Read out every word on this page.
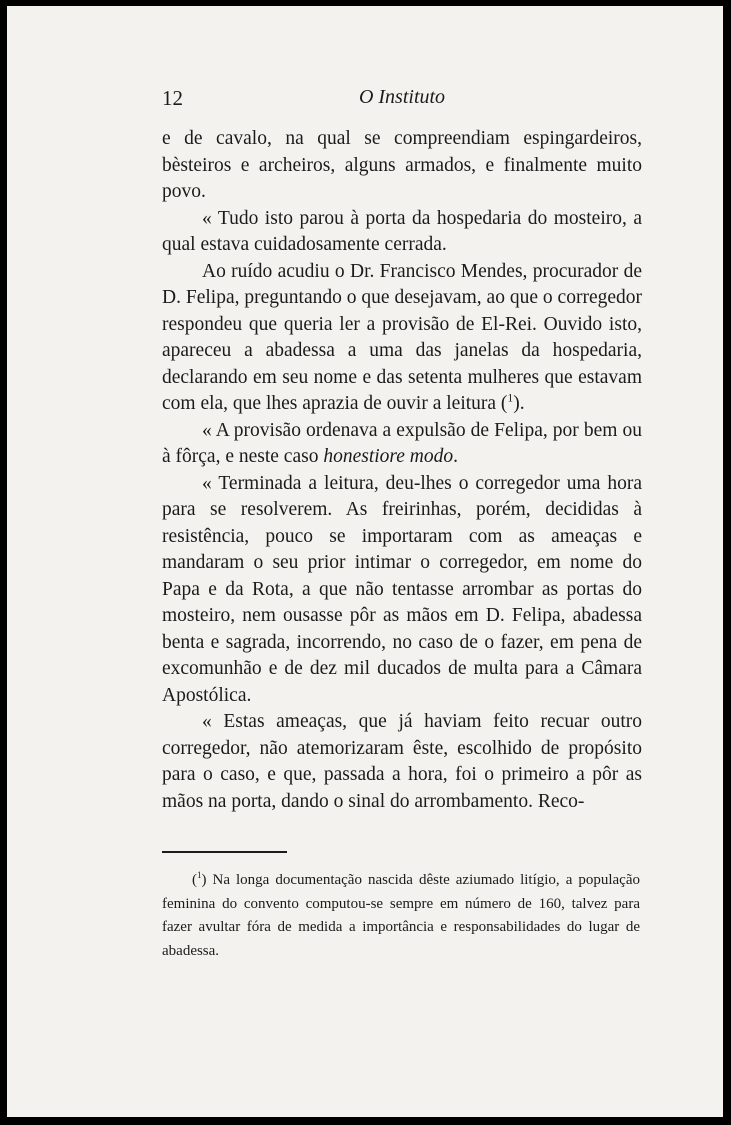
12	O Instituto

e de cavalo, na qual se compreendiam espingardeiros, bèsteiros e archeiros, alguns armados, e finalmente muito povo.

« Tudo isto parou à porta da hospedaria do mosteiro, a qual estava cuidadosamente cerrada.

Ao ruído acudiu o Dr. Francisco Mendes, procurador de D. Felipa, preguntando o que desejavam, ao que o corregedor respondeu que queria ler a provisão de El-Rei. Ouvido isto, apareceu a abadessa a uma das janelas da hospedaria, declarando em seu nome e das setenta mulheres que estavam com ela, que lhes aprazia de ouvir a leitura ($^1$).

« A provisão ordenava a expulsão de Felipa, por bem ou à fôrça, e neste caso honestiore modo.

« Terminada a leitura, deu-lhes o corregedor uma hora para se resolverem. As freirinhas, porém, decididas à resistência, pouco se importaram com as ameaças e mandaram o seu prior intimar o corregedor, em nome do Papa e da Rota, a que não tentasse arrombar as portas do mosteiro, nem ousasse pôr as mãos em D. Felipa, abadessa benta e sagrada, incorrendo, no caso de o fazer, em pena de excomunhão e de dez mil ducados de multa para a Câmara Apostólica.

« Estas ameaças, que já haviam feito recuar outro corregedor, não atemorizaram êste, escolhido de propósito para o caso, e que, passada a hora, foi o primeiro a pôr as mãos na porta, dando o sinal do arrombamento. Reco-

($^1$) Na longa documentação nascida dêste aziumado litígio, a população feminina do convento computou-se sempre em número de 160, talvez para fazer avultar fóra de medida a importância e responsabilidades do lugar de abadessa.
